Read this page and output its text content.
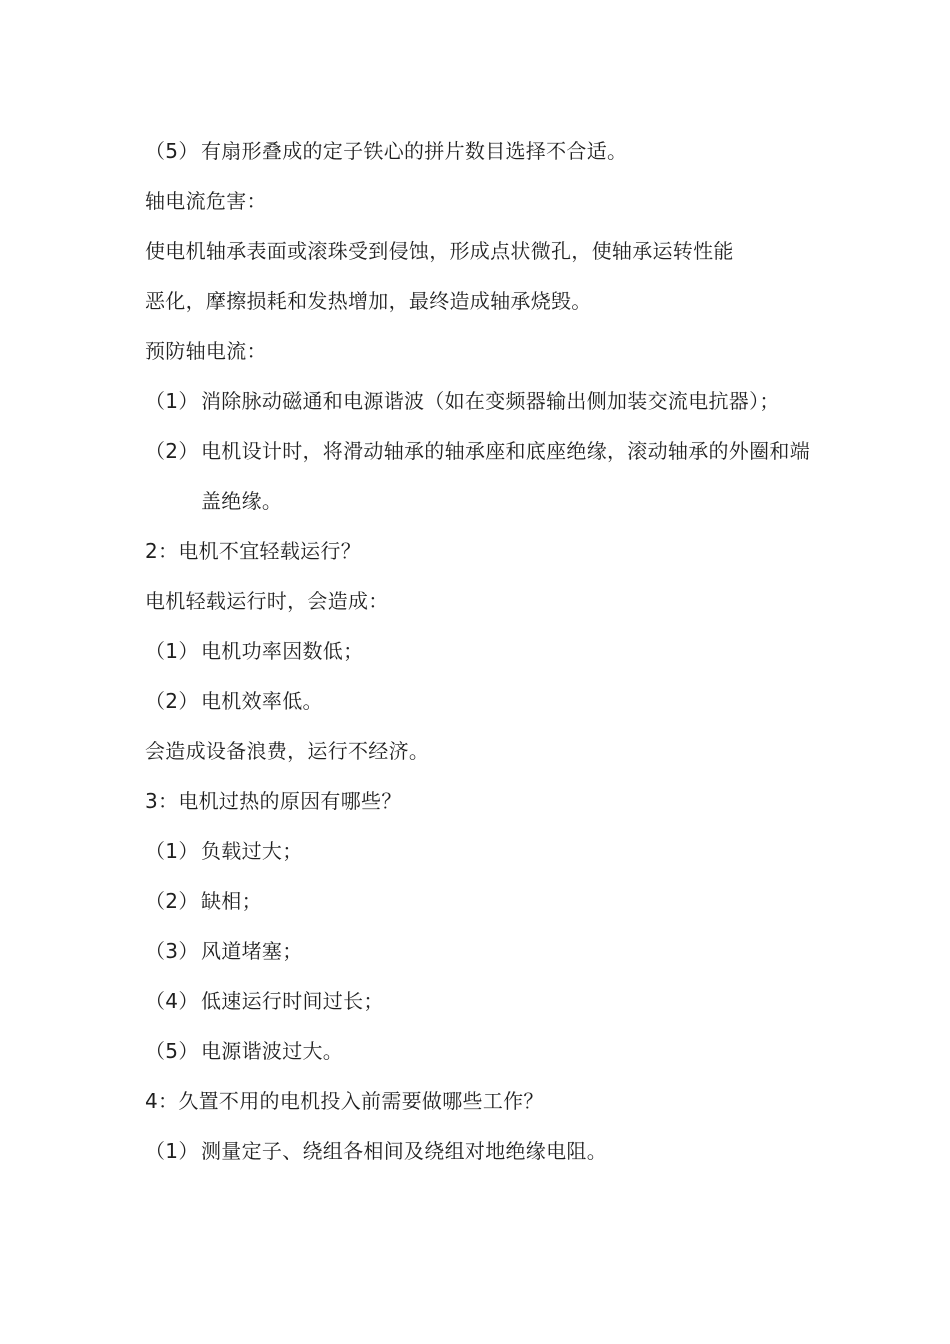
（5） 有扇形叠成的定子铁心的拼片数目选择不合适。
轴电流危害：
使电机轴承表面或滚珠受到侵蚀，形成点状微孔，使轴承运转性能
恶化，摩擦损耗和发热增加，最终造成轴承烧毁。
预防轴电流：
（1） 消除脉动磁通和电源谐波（如在变频器输出侧加装交流电抗器）；
（2） 电机设计时，将滑动轴承的轴承座和底座绝缘，滚动轴承的外圈和端盖绝缘。
2：电机不宜轻载运行？
电机轻载运行时，会造成：
（1） 电机功率因数低；
（2） 电机效率低。
会造成设备浪费，运行不经济。
3：电机过热的原因有哪些？
（1） 负载过大；
（2） 缺相；
（3） 风道堵塞；
（4） 低速运行时间过长；
（5） 电源谐波过大。
4：久置不用的电机投入前需要做哪些工作？
（1） 测量定子、绕组各相间及绕组对地绝缘电阻。
